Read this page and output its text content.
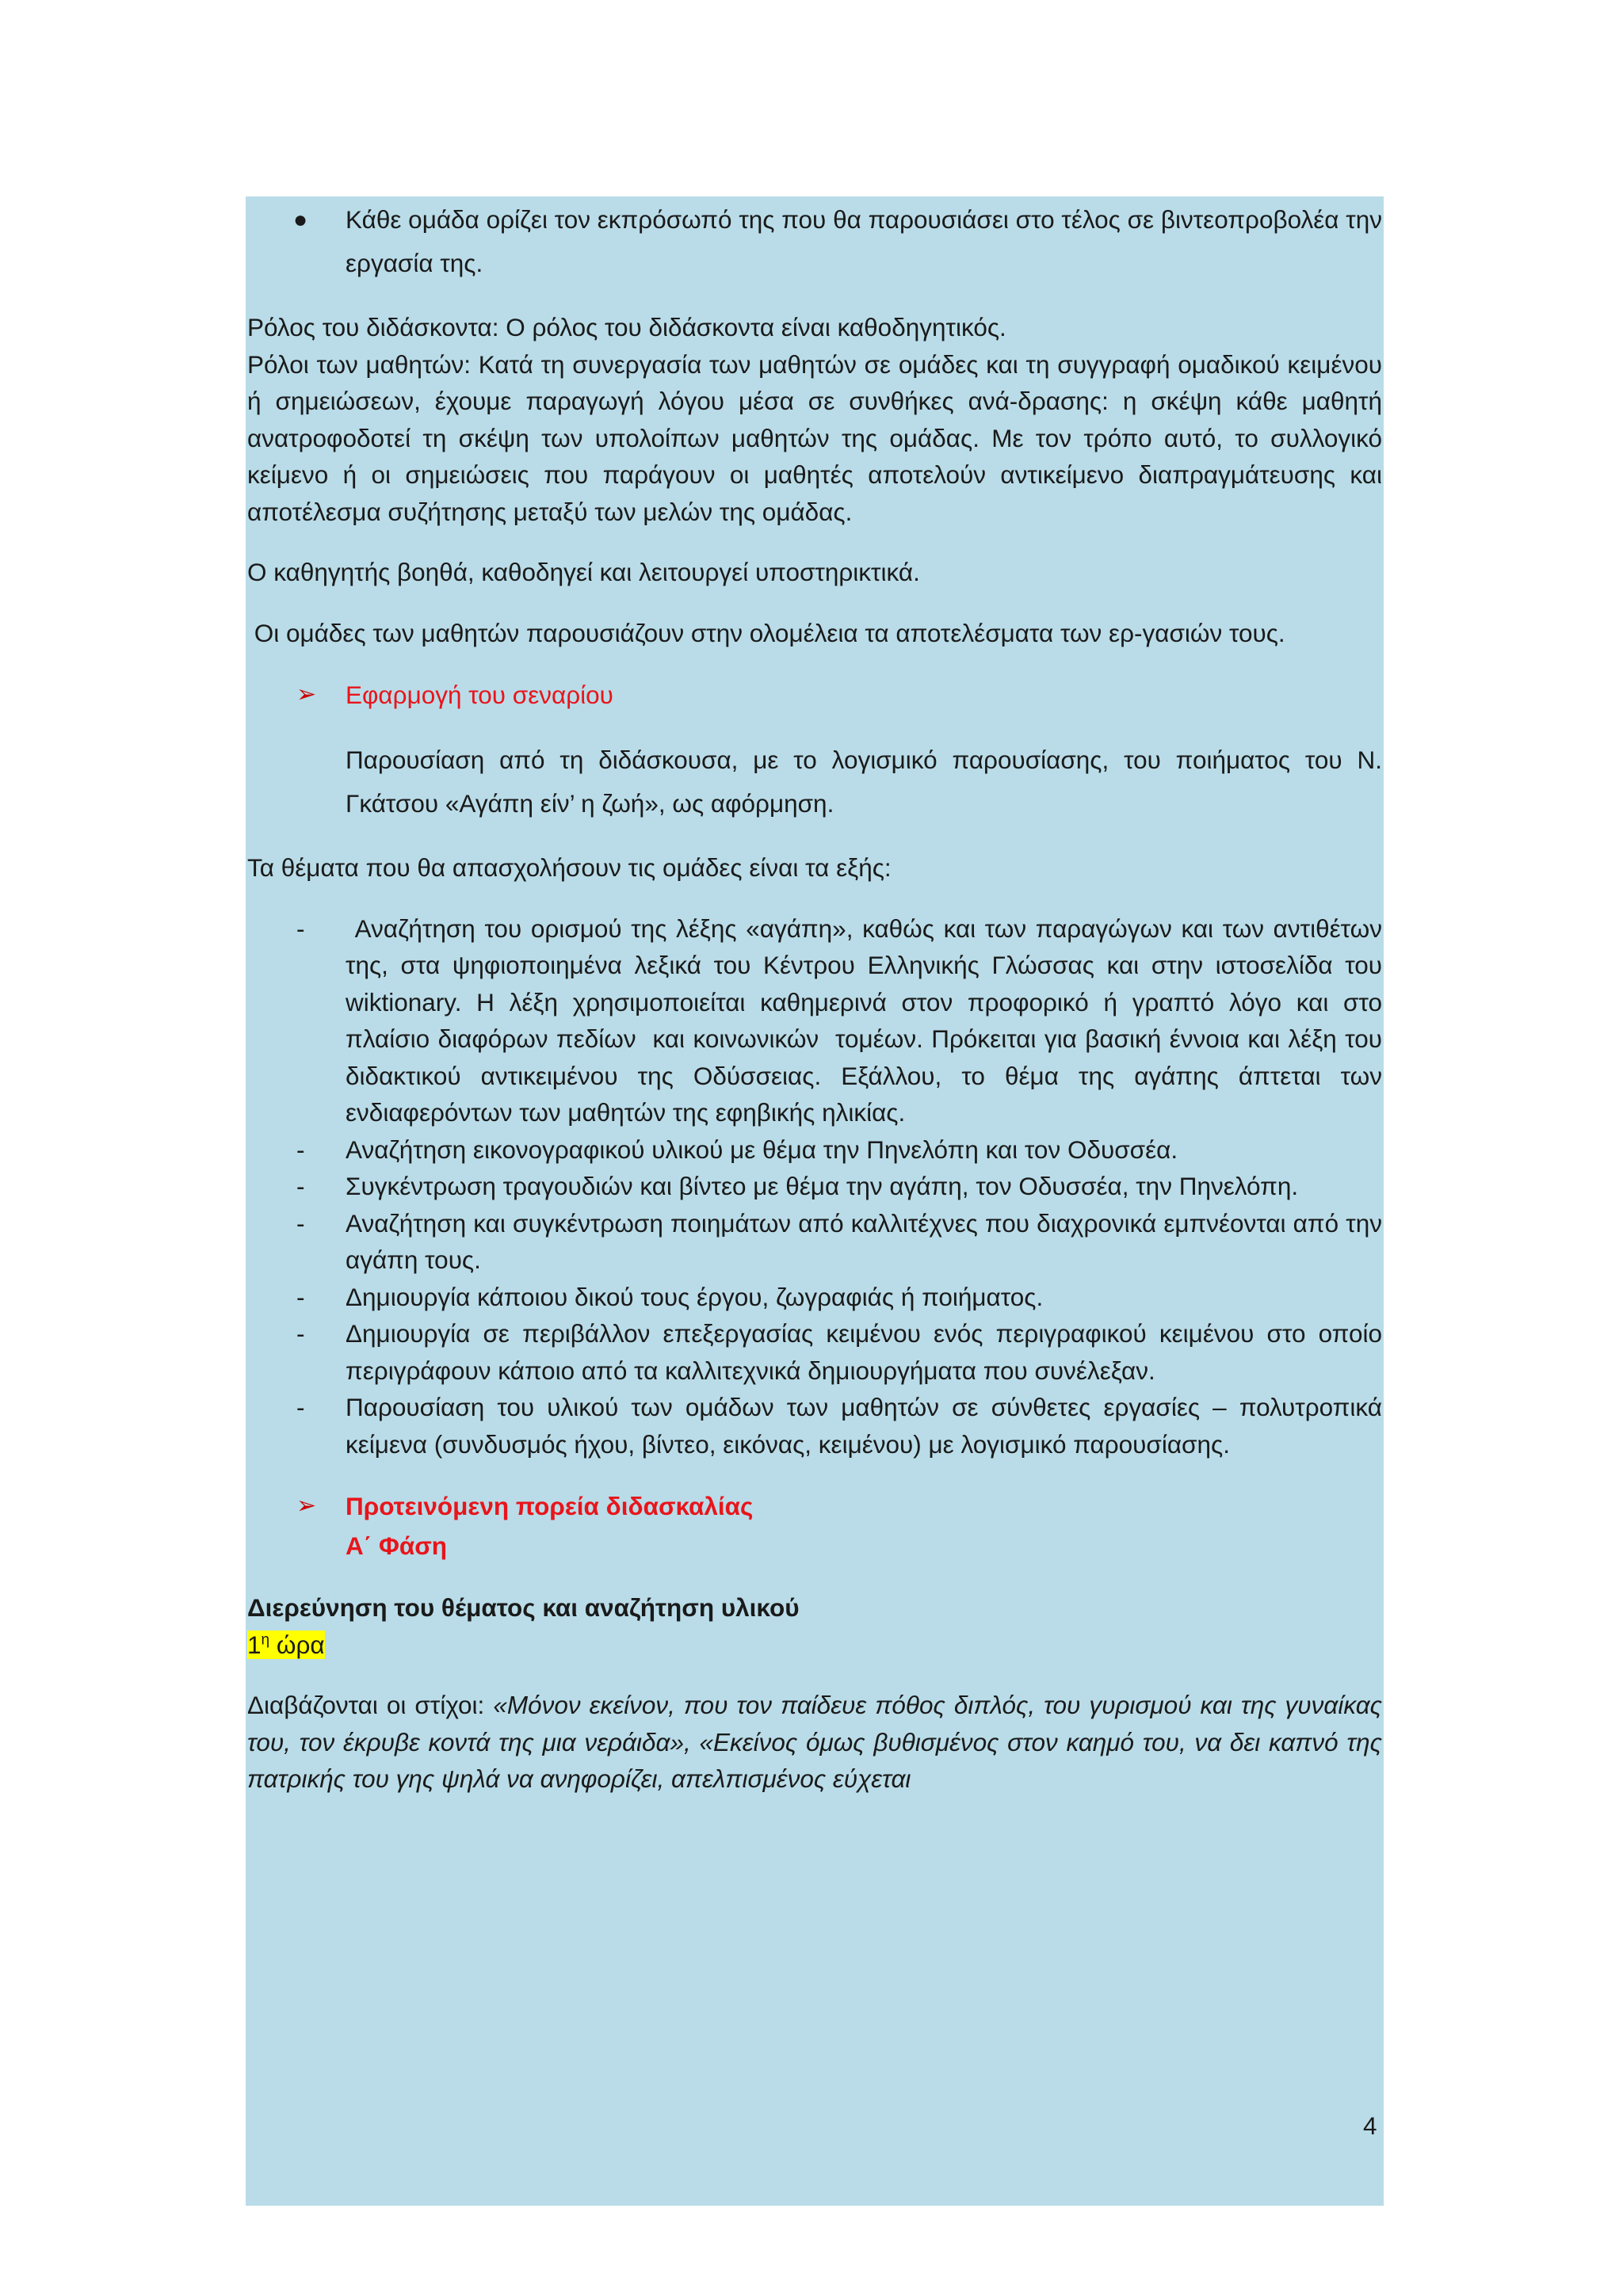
● Κάθε ομάδα ορίζει τον εκπρόσωπό της που θα παρουσιάσει στο τέλος σε βιντεοπροβολέα την εργασία της.

Ρόλος του διδάσκοντα: Ο ρόλος του διδάσκοντα είναι καθοδηγητικός.

Ρόλοι των μαθητών: Κατά τη συνεργασία των μαθητών σε ομάδες και τη συγγραφή ομαδικού κειμένου ή σημειώσεων, έχουμε παραγωγή λόγου μέσα σε συνθήκες ανά-δρασης: η σκέψη κάθε μαθητή ανατροφοδοτεί τη σκέψη των υπολοίπων μαθητών της ομάδας. Με τον τρόπο αυτό, το συλλογικό κείμενο ή οι σημειώσεις που παράγουν οι μαθητές αποτελούν αντικείμενο διαπραγμάτευσης και αποτέλεσμα συζήτησης μεταξύ των μελών της ομάδας.

Ο καθηγητής βοηθά, καθοδηγεί και λειτουργεί υποστηρικτικά.

Οι ομάδες των μαθητών παρουσιάζουν στην ολομέλεια τα αποτελέσματα των ερ-γασιών τους.

➢ Εφαρμογή του σεναρίου

Παρουσίαση από τη διδάσκουσα, με το λογισμικό παρουσίασης, του ποιήματος του Ν. Γκάτσου «Αγάπη είν’ η ζωή», ως αφόρμηση.

Τα θέματα που θα απασχολήσουν τις ομάδες είναι τα εξής:

- Αναζήτηση του ορισμού της λέξης «αγάπη», καθώς και των παραγώγων και των αντιθέτων της, στα ψηφιοποιημένα λεξικά του Κέντρου Ελληνικής Γλώσσας και στην ιστοσελίδα του wiktionary. Η λέξη χρησιμοποιείται καθημερινά στον προφορικό ή γραπτό λόγο και στο πλαίσιο διαφόρων πεδίων  και κοινωνικών  τομέων. Πρόκειται για βασική έννοια και λέξη του διδακτικού αντικειμένου της Οδύσσειας. Εξάλλου, το θέμα της αγάπης άπτεται των ενδιαφερόντων των μαθητών της εφηβικής ηλικίας.
- Αναζήτηση εικονογραφικού υλικού με θέμα την Πηνελόπη και τον Οδυσσέα.
- Συγκέντρωση τραγουδιών και βίντεο με θέμα την αγάπη, τον Οδυσσέα, την Πηνελόπη.
- Αναζήτηση και συγκέντρωση ποιημάτων από καλλιτέχνες που διαχρονικά εμπνέονται από την αγάπη τους.
- Δημιουργία κάποιου δικού τους έργου, ζωγραφιάς ή ποιήματος.
- Δημιουργία σε περιβάλλον επεξεργασίας κειμένου ενός περιγραφικού κειμένου στο οποίο περιγράφουν κάποιο από τα καλλιτεχνικά δημιουργήματα που συνέλεξαν.
- Παρουσίαση του υλικού των ομάδων των μαθητών σε σύνθετες εργασίες – πολυτροπικά κείμενα (συνδυσμός ήχου, βίντεο, εικόνας, κειμένου) με λογισμικό παρουσίασης.
➢ Προτεινόμενη πορεία διδασκαλίας
Α΄ Φάση

Διερεύνηση του θέματος και αναζήτηση υλικού

$1^\eta$ ώρα

Διαβάζονται οι στίχοι: «Μόνον εκείνον, που τον παίδευε πόθος διπλός, του γυρισμού και της γυναίκας του, τον έκρυβε κοντά της μια νεράιδα», «Εκείνος όμως βυθισμένος στον καημό του, να δει καπνό της πατρικής του γης ψηλά να ανηφορίζει, απελπισμένος εύχεται

4
